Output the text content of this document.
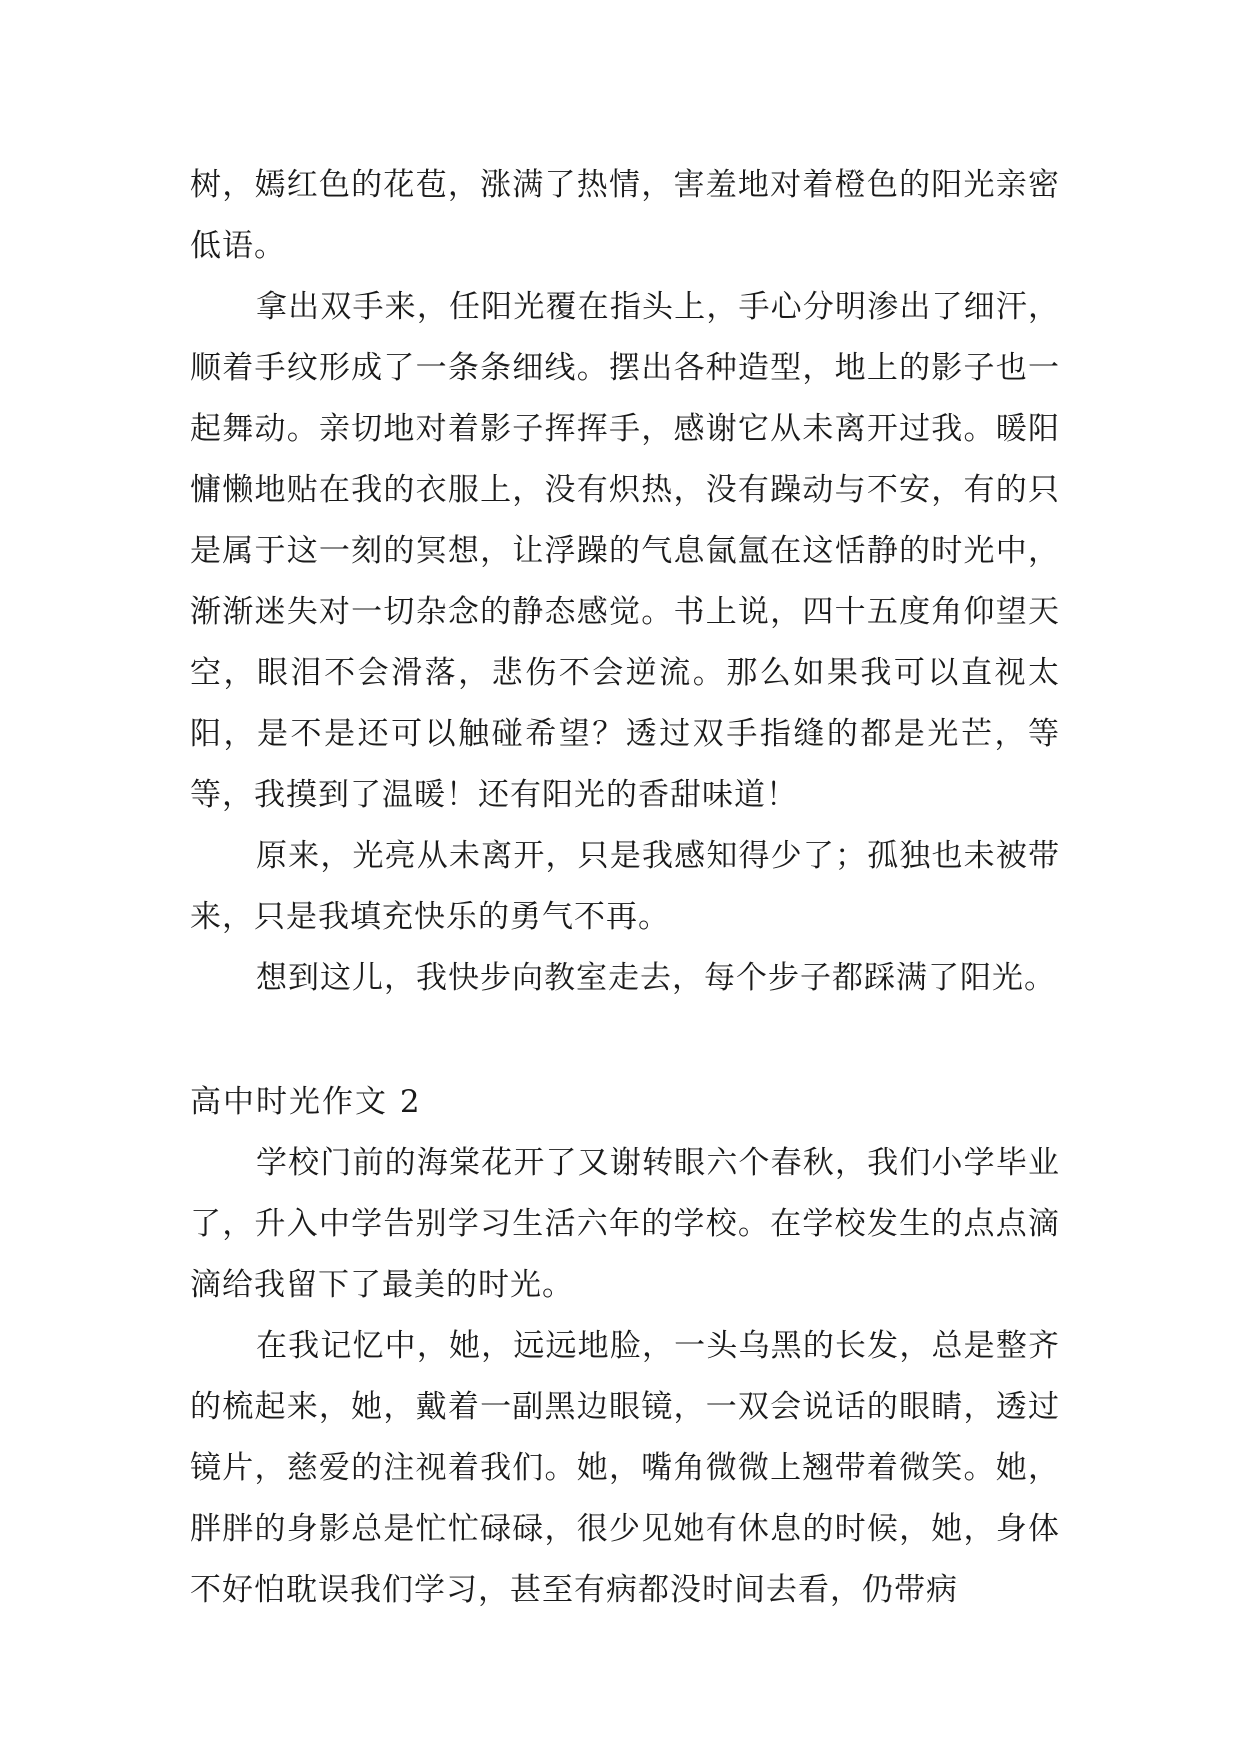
树，嫣红色的花苞，涨满了热情，害羞地对着橙色的阳光亲密低语。

拿出双手来，任阳光覆在指头上，手心分明渗出了细汗，顺着手纹形成了一条条细线。摆出各种造型，地上的影子也一起舞动。亲切地对着影子挥挥手，感谢它从未离开过我。暖阳慵懒地贴在我的衣服上，没有炽热，没有躁动与不安，有的只是属于这一刻的冥想，让浮躁的气息氤氲在这恬静的时光中，渐渐迷失对一切杂念的静态感觉。书上说，四十五度角仰望天空，眼泪不会滑落，悲伤不会逆流。那么如果我可以直视太阳，是不是还可以触碰希望？透过双手指缝的都是光芒，等等，我摸到了温暖！还有阳光的香甜味道！

原来，光亮从未离开，只是我感知得少了；孤独也未被带来，只是我填充快乐的勇气不再。

想到这儿，我快步向教室走去，每个步子都踩满了阳光。

高中时光作文 2

学校门前的海棠花开了又谢转眼六个春秋，我们小学毕业了，升入中学告别学习生活六年的学校。在学校发生的点点滴滴给我留下了最美的时光。

在我记忆中，她，远远地脸，一头乌黑的长发，总是整齐的梳起来，她，戴着一副黑边眼镜，一双会说话的眼睛，透过镜片，慈爱的注视着我们。她，嘴角微微上翘带着微笑。她，胖胖的身影总是忙忙碌碌，很少见她有休息的时候，她，身体不好怕耽误我们学习，甚至有病都没时间去看，仍带病
